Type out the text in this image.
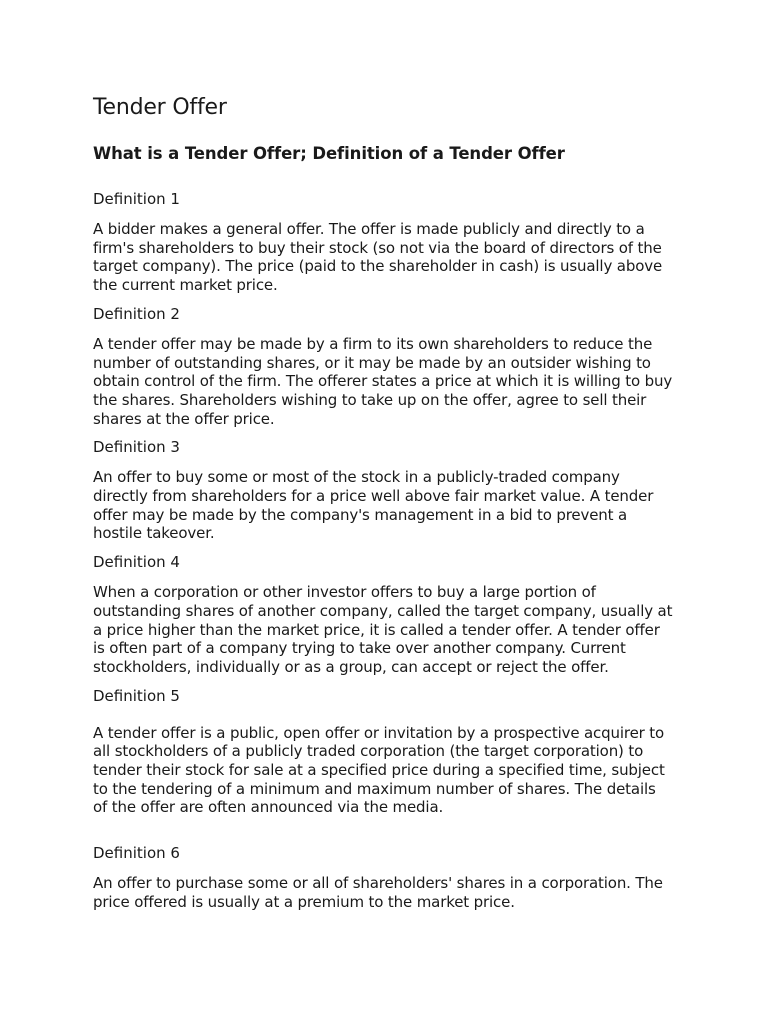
Tender Offer
What is a Tender Offer; Definition of a Tender Offer

Definition 1

A bidder makes a general offer. The offer is made publicly and directly to a firm's shareholders to buy their stock (so not via the board of directors of the target company). The price (paid to the shareholder in cash) is usually above the current market price.

Definition 2

A tender offer may be made by a firm to its own shareholders to reduce the number of outstanding shares, or it may be made by an outsider wishing to obtain control of the firm. The offerer states a price at which it is willing to buy the shares. Shareholders wishing to take up on the offer, agree to sell their shares at the offer price.

Definition 3

An offer to buy some or most of the stock in a publicly-traded company directly from shareholders for a price well above fair market value. A tender offer may be made by the company's management in a bid to prevent a hostile takeover.

Definition 4

When a corporation or other investor offers to buy a large portion of outstanding shares of another company, called the target company, usually at a price higher than the market price, it is called a tender offer. A tender offer is often part of a company trying to take over another company. Current stockholders, individually or as a group, can accept or reject the offer.

Definition 5

A tender offer is a public, open offer or invitation by a prospective acquirer to all stockholders of a publicly traded corporation (the target corporation) to tender their stock for sale at a specified price during a specified time, subject to the tendering of a minimum and maximum number of shares. The details of the offer are often announced via the media.

Definition 6

An offer to purchase some or all of shareholders' shares in a corporation. The price offered is usually at a premium to the market price.
